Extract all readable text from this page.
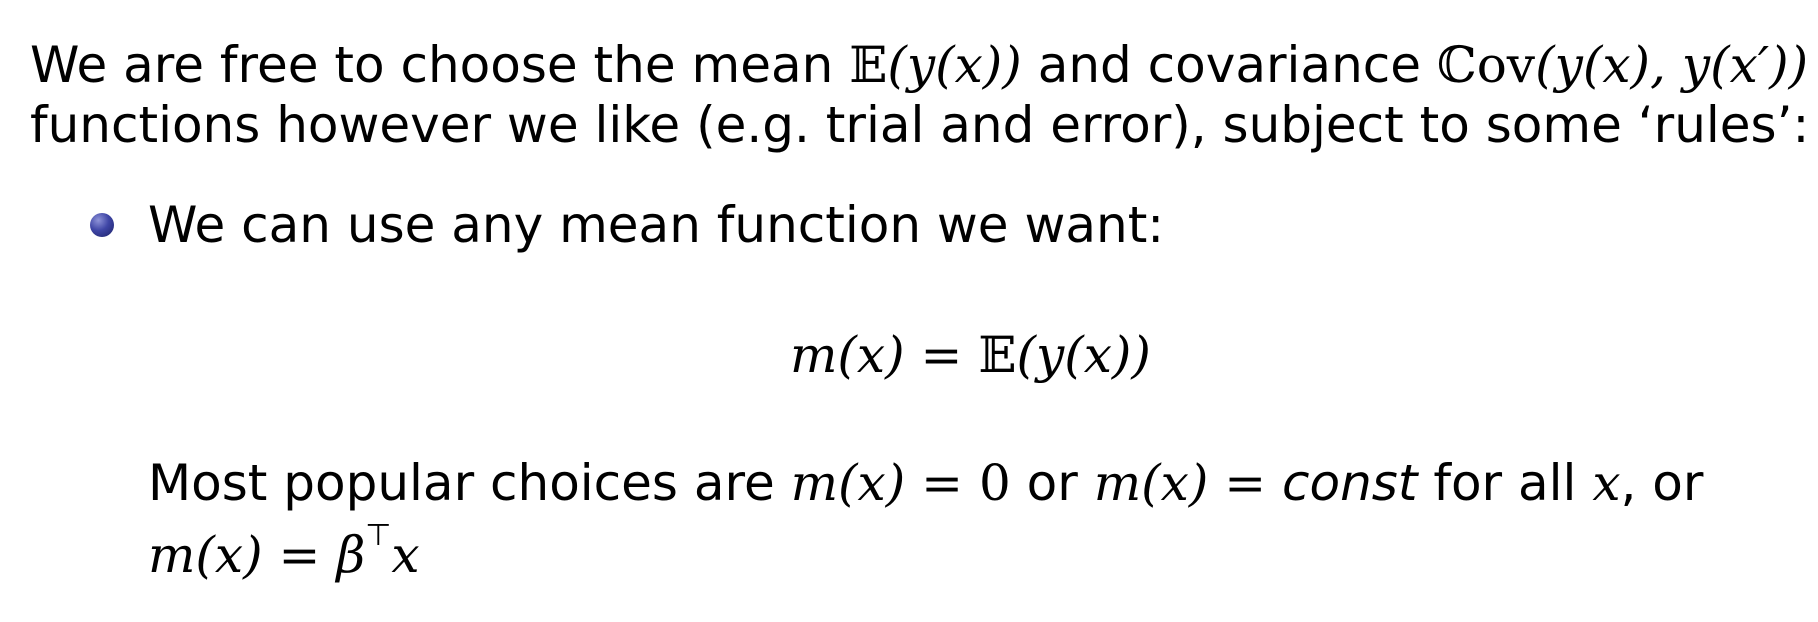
We are free to choose the mean 𝔼(y(x)) and covariance ℂov(y(x), y(x′))
functions however we like (e.g. trial and error), subject to some ‘rules’:
We can use any mean function we want:
m(x) = 𝔼(y(x))
Most popular choices are m(x) = 0 or m(x) = const for all x, or
m(x) = β⊤x
